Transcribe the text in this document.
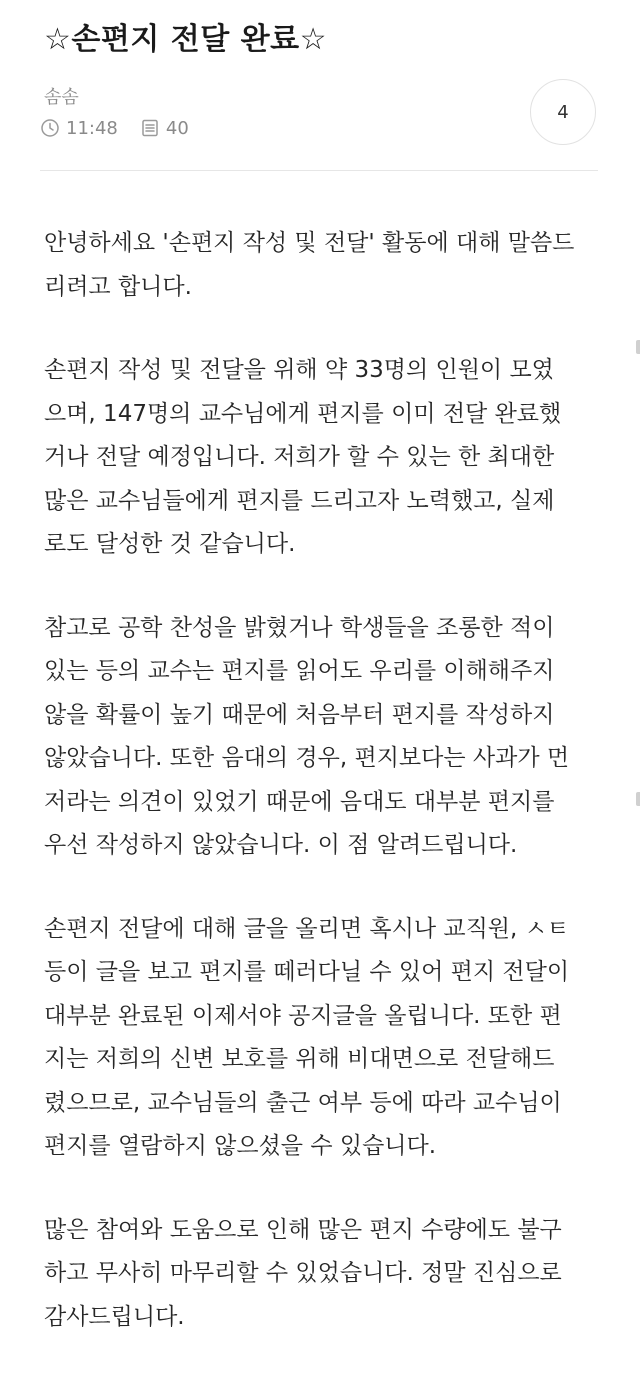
☆손편지 전달 완료☆
솜솜
11:48	40
4

안녕하세요 '손편지 작성 및 전달' 활동에 대해 말씀드
리려고 합니다.

손편지 작성 및 전달을 위해 약 33명의 인원이 모였
으며, 147명의 교수님에게 편지를 이미 전달 완료했
거나 전달 예정입니다. 저희가 할 수 있는 한 최대한
많은 교수님들에게 편지를 드리고자 노력했고, 실제
로도 달성한 것 같습니다.

참고로 공학 찬성을 밝혔거나 학생들을 조롱한 적이
있는 등의 교수는 편지를 읽어도 우리를 이해해주지
않을 확률이 높기 때문에 처음부터 편지를 작성하지
않았습니다. 또한 음대의 경우, 편지보다는 사과가 먼
저라는 의견이 있었기 때문에 음대도 대부분 편지를
우선 작성하지 않았습니다. 이 점 알려드립니다.

손편지 전달에 대해 글을 올리면 혹시나 교직원, ㅅㅌ
등이 글을 보고 편지를 떼러다닐 수 있어 편지 전달이
대부분 완료된 이제서야 공지글을 올립니다. 또한 편
지는 저희의 신변 보호를 위해 비대면으로 전달해드
렸으므로, 교수님들의 출근 여부 등에 따라 교수님이
편지를 열람하지 않으셨을 수 있습니다.

많은 참여와 도움으로 인해 많은 편지 수량에도 불구
하고 무사히 마무리할 수 있었습니다. 정말 진심으로
감사드립니다.
